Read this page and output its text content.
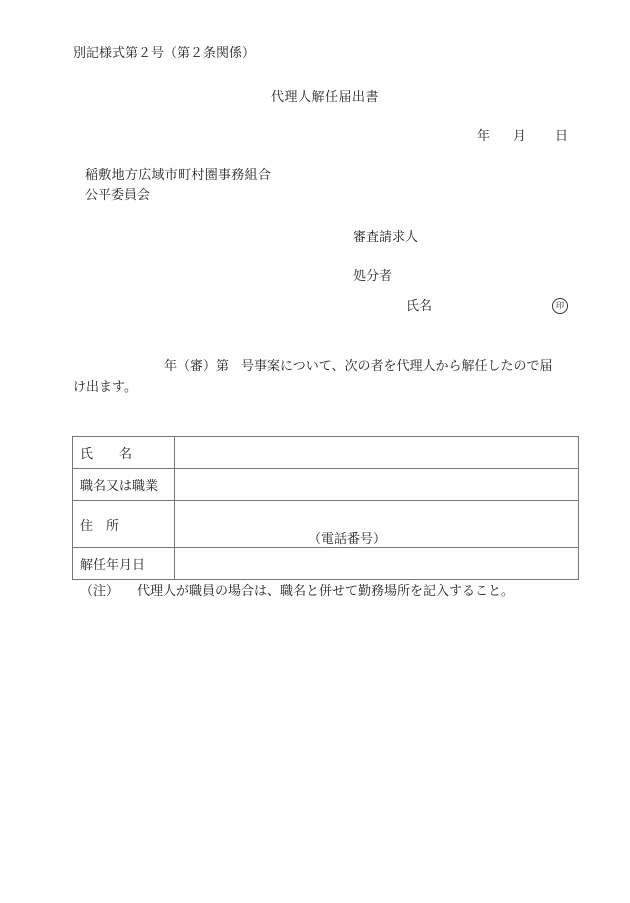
別記様式第２号（第２条関係）
代理人解任届出書
年 月 日
稲敷地方広域市町村圏事務組合
公平委員会
審査請求人
処分者
氏名	印
年（審）第 号事案について、次の者を代理人から解任したので届
け出ます。
氏　　名	
職名又は職業	
住　所	（電話番号）

解任年月日	
（注） 代理人が職員の場合は、職名と併せて勤務場所を記入すること。
